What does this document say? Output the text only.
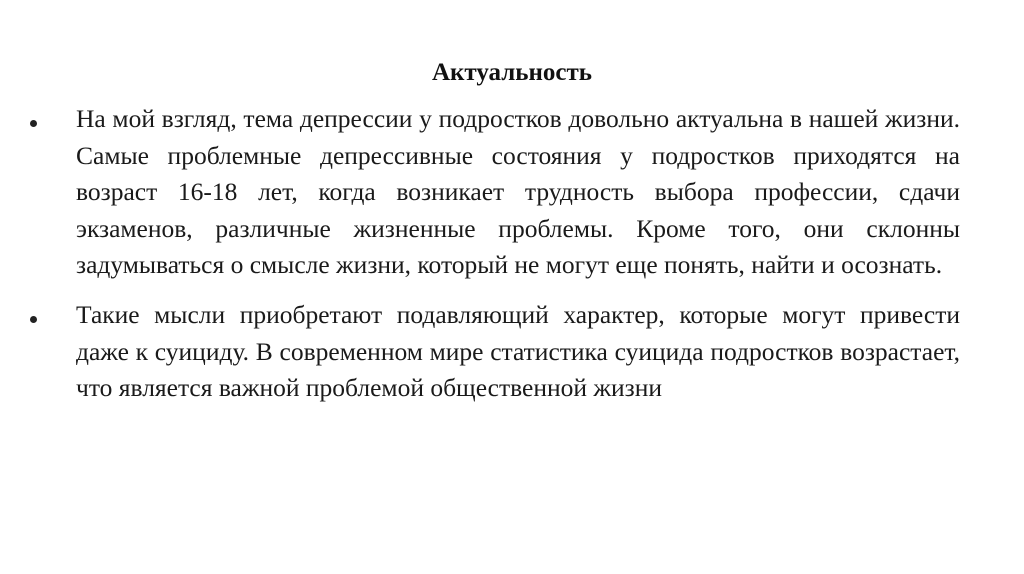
Актуальность
На мой взгляд, тема депрессии у подростков довольно актуальна в нашей жизни. Самые проблемные депрессивные состояния у подростков приходятся на возраст 16-18 лет, когда возникает трудность выбора профессии, сдачи экзаменов, различные жизненные проблемы. Кроме того, они склонны задумываться о смысле жизни, который не могут еще понять, найти и осознать.
Такие мысли приобретают подавляющий характер, которые могут привести даже к суициду. В современном мире статистика суицида подростков возрастает, что является важной проблемой общественной жизни
